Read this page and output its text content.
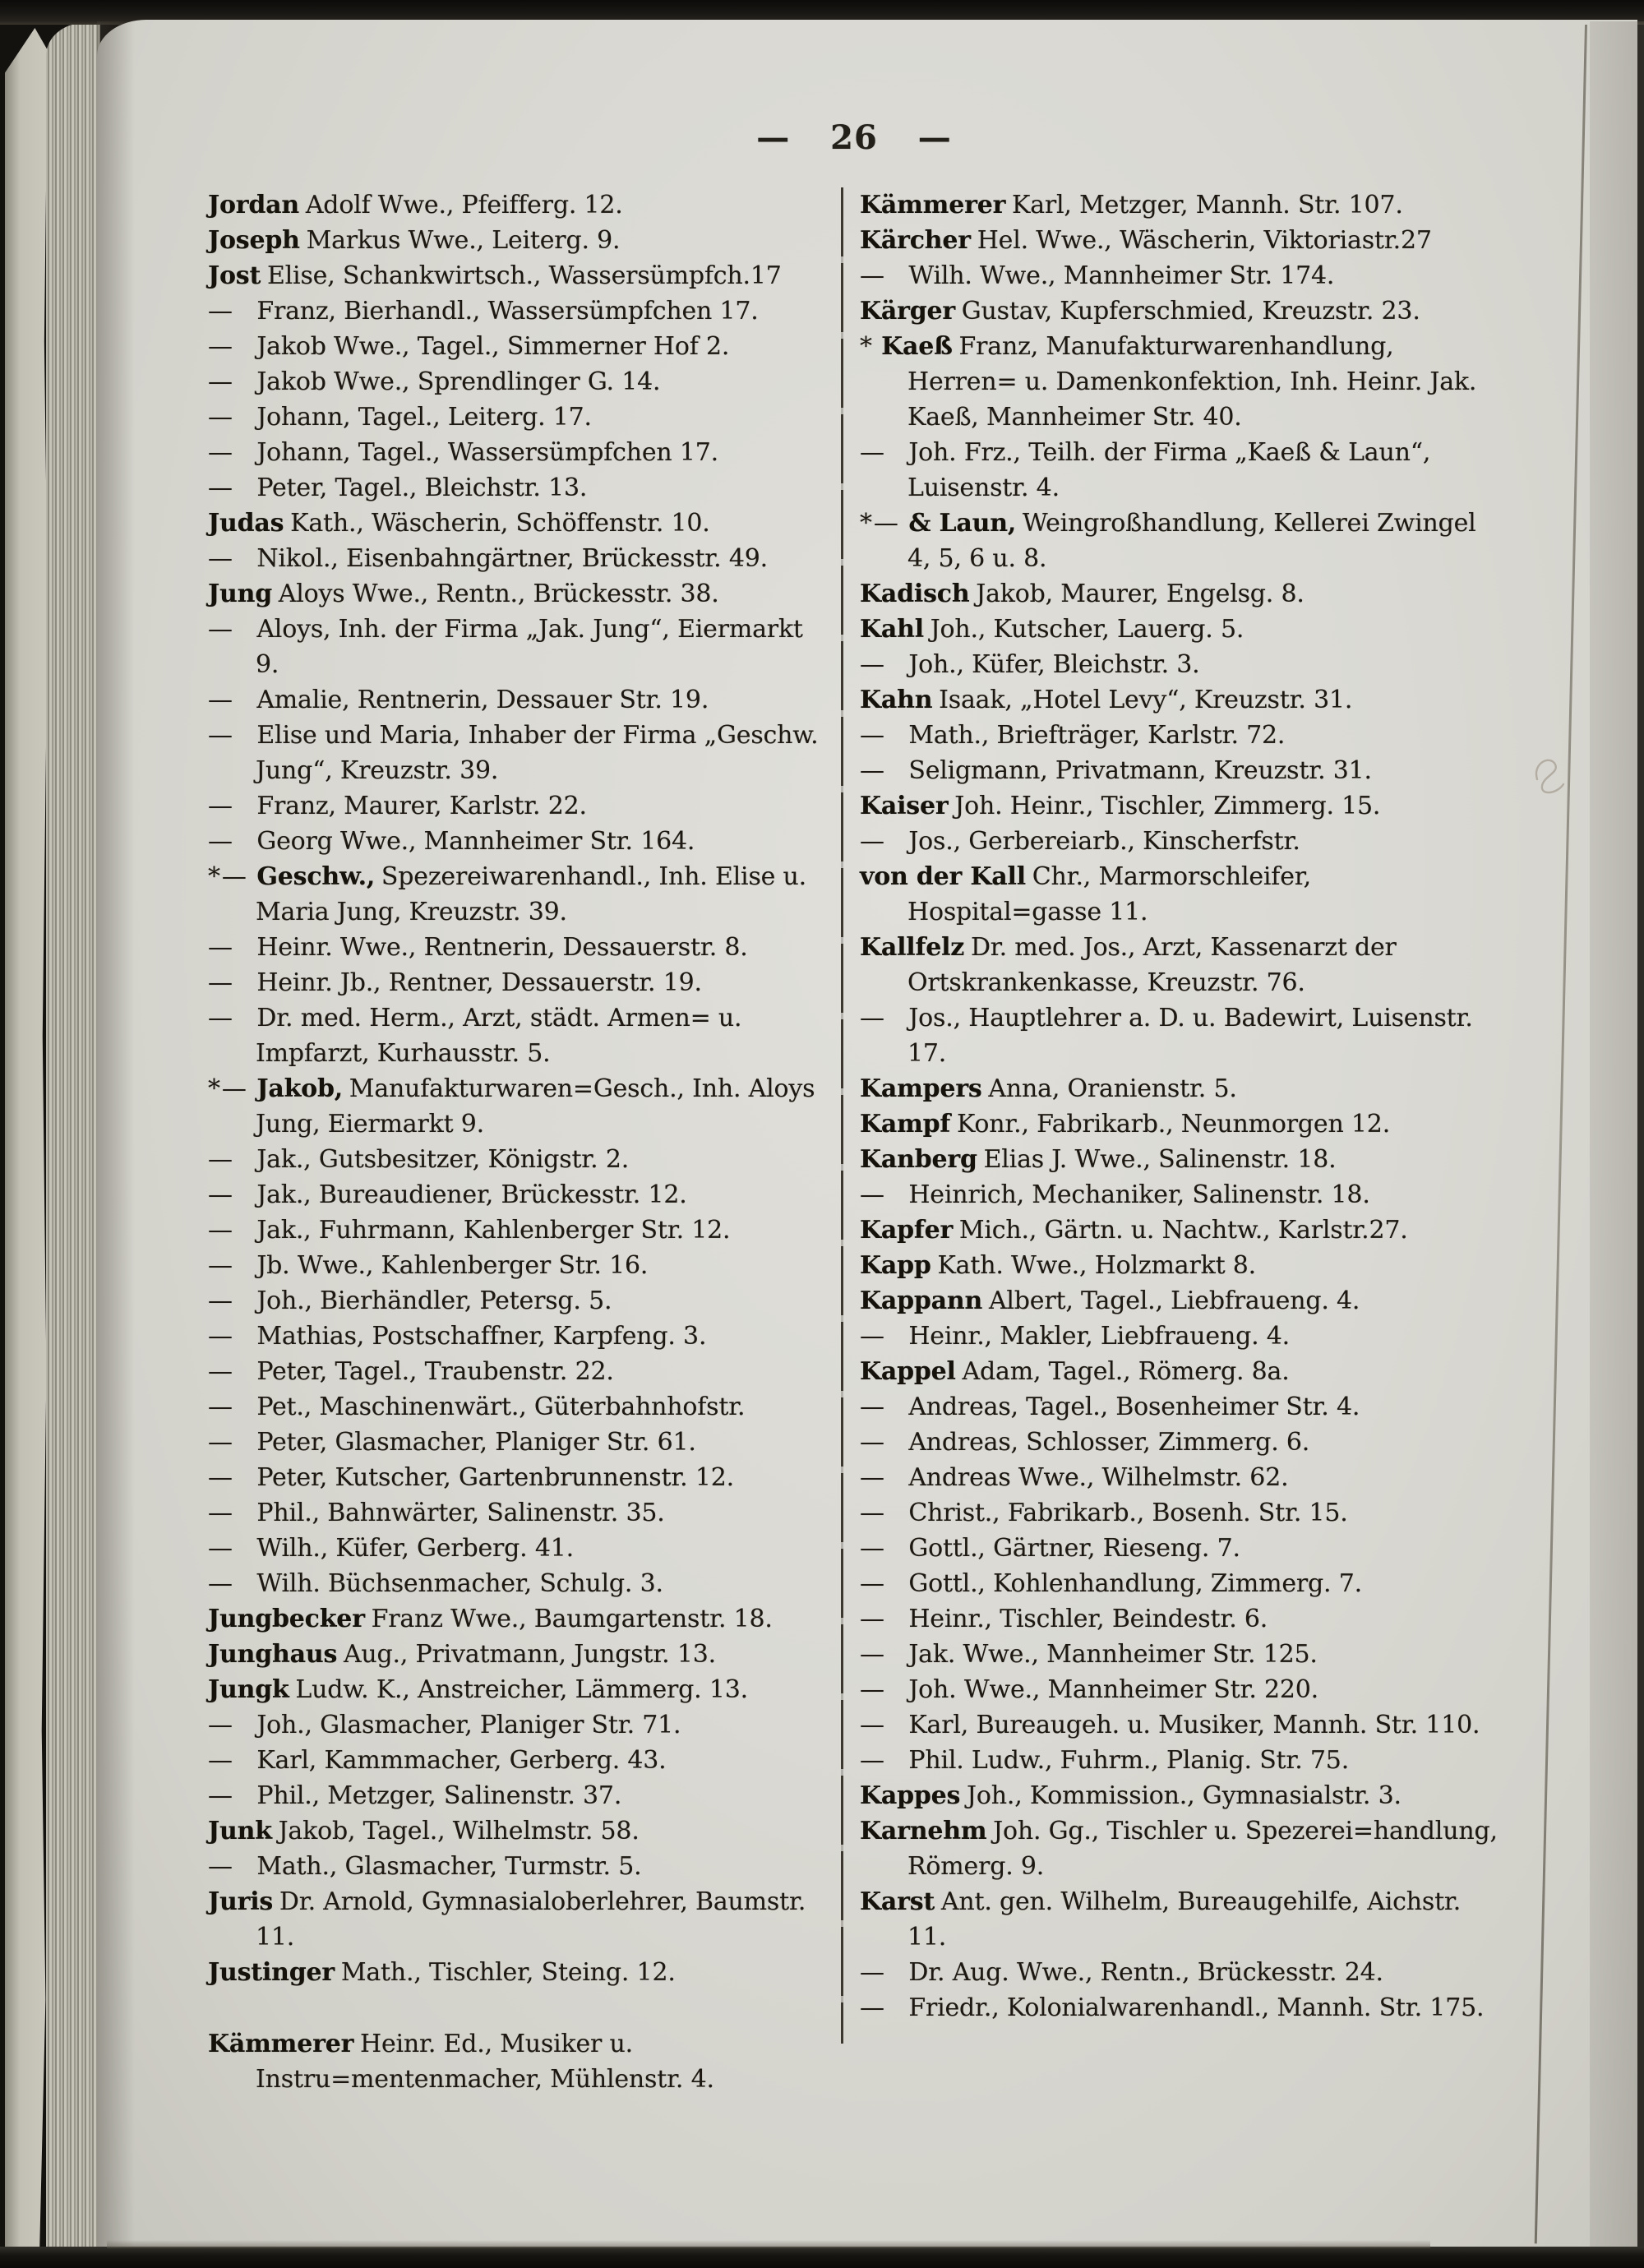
— 26 —
Jordan Adolf Wwe., Pfeifferg. 12.
Joseph Markus Wwe., Leiterg. 9.
Jost Elise, Schankwirtsch., Wassersümpfch.17
— Franz, Bierhandl., Wassersümpfchen 17.
— Jakob Wwe., Tagel., Simmerner Hof 2.
— Jakob Wwe., Sprendlinger G. 14.
— Johann, Tagel., Leiterg. 17.
— Johann, Tagel., Wassersümpfchen 17.
— Peter, Tagel., Bleichstr. 13.
Judas Kath., Wäscherin, Schöffenstr. 10.
— Nikol., Eisenbahngärtner, Brückesstr. 49.
Jung Aloys Wwe., Rentn., Brückesstr. 38.
— Aloys, Inh. der Firma „Jak. Jung“, Eiermarkt 9.
— Amalie, Rentnerin, Dessauer Str. 19.
— Elise und Maria, Inhaber der Firma „Geschw. Jung“, Kreuzstr. 39.
— Franz, Maurer, Karlstr. 22.
— Georg Wwe., Mannheimer Str. 164.
*— Geschw., Spezereiwarenhandl., Inh. Elise u. Maria Jung, Kreuzstr. 39.
— Heinr. Wwe., Rentnerin, Dessauerstr. 8.
— Heinr. Jb., Rentner, Dessauerstr. 19.
— Dr. med. Herm., Arzt, städt. Armen= u. Impfarzt, Kurhausstr. 5.
*— Jakob, Manufakturwaren=Gesch., Inh. Aloys Jung, Eiermarkt 9.
— Jak., Gutsbesitzer, Königstr. 2.
— Jak., Bureaudiener, Brückesstr. 12.
— Jak., Fuhrmann, Kahlenberger Str. 12.
— Jb. Wwe., Kahlenberger Str. 16.
— Joh., Bierhändler, Petersg. 5.
— Mathias, Postschaffner, Karpfeng. 3.
— Peter, Tagel., Traubenstr. 22.
— Pet., Maschinenwärt., Güterbahnhofstr.
— Peter, Glasmacher, Planiger Str. 61.
— Peter, Kutscher, Gartenbrunnenstr. 12.
— Phil., Bahnwärter, Salinenstr. 35.
— Wilh., Küfer, Gerberg. 41.
— Wilh. Büchsenmacher, Schulg. 3.
Jungbecker Franz Wwe., Baumgartenstr. 18.
Junghaus Aug., Privatmann, Jungstr. 13.
Jungk Ludw. K., Anstreicher, Lämmerg. 13.
— Joh., Glasmacher, Planiger Str. 71.
— Karl, Kammmacher, Gerberg. 43.
— Phil., Metzger, Salinenstr. 37.
Junk Jakob, Tagel., Wilhelmstr. 58.
— Math., Glasmacher, Turmstr. 5.
Juris Dr. Arnold, Gymnasialoberlehrer, Baumstr. 11.
Justinger Math., Tischler, Steing. 12.
Kämmerer Heinr. Ed., Musiker u. Instru=mentenmacher, Mühlenstr. 4.
Kämmerer Karl, Metzger, Mannh. Str. 107.
Kärcher Hel. Wwe., Wäscherin, Viktoriastr.27
— Wilh. Wwe., Mannheimer Str. 174.
Kärger Gustav, Kupferschmied, Kreuzstr. 23.
* Kaeß Franz, Manufakturwarenhandlung, Herren= u. Damenkonfektion, Inh. Heinr. Jak. Kaeß, Mannheimer Str. 40.
— Joh. Frz., Teilh. der Firma „Kaeß & Laun“, Luisenstr. 4.
*— & Laun, Weingroßhandlung, Kellerei Zwingel 4, 5, 6 u. 8.
Kadisch Jakob, Maurer, Engelsg. 8.
Kahl Joh., Kutscher, Lauerg. 5.
— Joh., Küfer, Bleichstr. 3.
Kahn Isaak, „Hotel Levy“, Kreuzstr. 31.
— Math., Briefträger, Karlstr. 72.
— Seligmann, Privatmann, Kreuzstr. 31.
Kaiser Joh. Heinr., Tischler, Zimmerg. 15.
— Jos., Gerbereiarb., Kinscherfstr.
von der Kall Chr., Marmorschleifer, Hospital=gasse 11.
Kallfelz Dr. med. Jos., Arzt, Kassenarzt der Ortskrankenkasse, Kreuzstr. 76.
— Jos., Hauptlehrer a. D. u. Badewirt, Luisenstr. 17.
Kampers Anna, Oranienstr. 5.
Kampf Konr., Fabrikarb., Neunmorgen 12.
Kanberg Elias J. Wwe., Salinenstr. 18.
— Heinrich, Mechaniker, Salinenstr. 18.
Kapfer Mich., Gärtn. u. Nachtw., Karlstr.27.
Kapp Kath. Wwe., Holzmarkt 8.
Kappann Albert, Tagel., Liebfraueng. 4.
— Heinr., Makler, Liebfraueng. 4.
Kappel Adam, Tagel., Römerg. 8a.
— Andreas, Tagel., Bosenheimer Str. 4.
— Andreas, Schlosser, Zimmerg. 6.
— Andreas Wwe., Wilhelmstr. 62.
— Christ., Fabrikarb., Bosenh. Str. 15.
— Gottl., Gärtner, Rieseng. 7.
— Gottl., Kohlenhandlung, Zimmerg. 7.
— Heinr., Tischler, Beindestr. 6.
— Jak. Wwe., Mannheimer Str. 125.
— Joh. Wwe., Mannheimer Str. 220.
— Karl, Bureaugeh. u. Musiker, Mannh. Str. 110.
— Phil. Ludw., Fuhrm., Planig. Str. 75.
Kappes Joh., Kommission., Gymnasialstr. 3.
Karnehm Joh. Gg., Tischler u. Spezerei=handlung, Römerg. 9.
Karst Ant. gen. Wilhelm, Bureaugehilfe, Aichstr. 11.
— Dr. Aug. Wwe., Rentn., Brückesstr. 24.
— Friedr., Kolonialwarenhandl., Mannh. Str. 175.
